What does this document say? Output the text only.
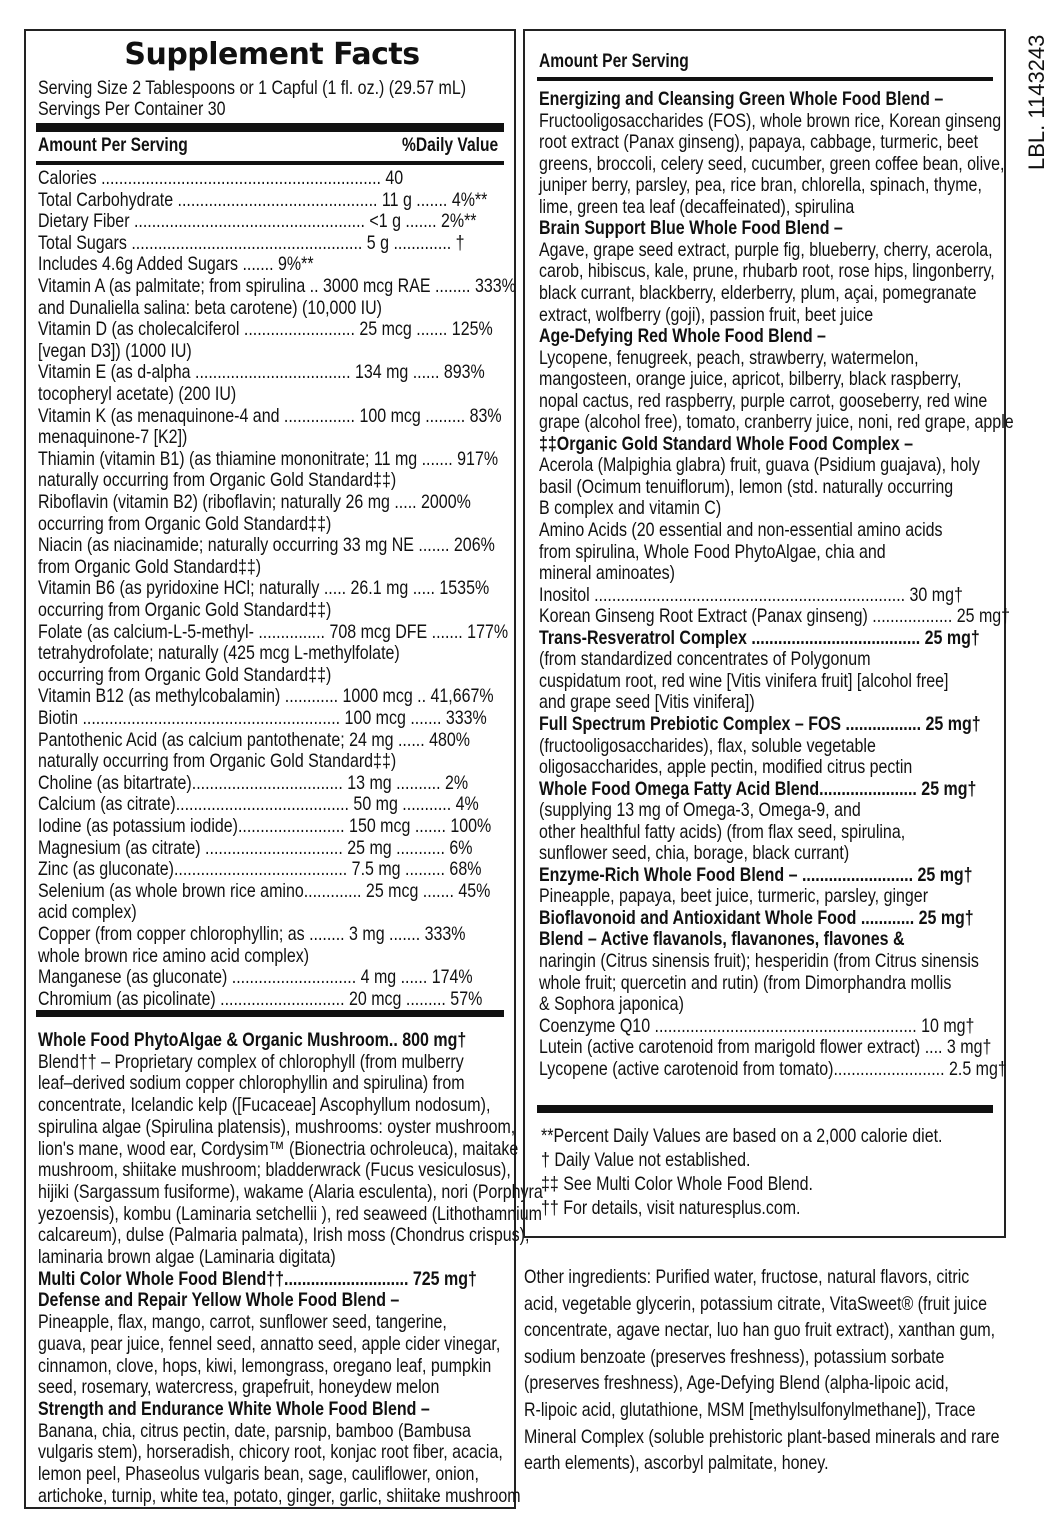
LBL. 1143243
Supplement Facts
Serving Size 2 Tablespoons or 1 Capful (1 fl. oz.) (29.57 mL)
Servings Per Container 30
Amount Per Serving	%Daily Value
Calories ............................................................... 40
Total Carbohydrate ............................................. 11 g ....... 4%**
Dietary Fiber .................................................... <1 g ....... 2%**
Total Sugars .................................................... 5 g ............. †
Includes 4.6g Added Sugars ....... 9%**
Vitamin A (as palmitate; from spirulina .. 3000 mcg RAE ........ 333%
and Dunaliella salina: beta carotene) (10,000 IU)
Vitamin D (as cholecalciferol ......................... 25 mcg ....... 125%
[vegan D3]) (1000 IU)
Vitamin E (as d-alpha ................................... 134 mg ...... 893%
tocopheryl acetate) (200 IU)
Vitamin K (as menaquinone-4 and ................ 100 mcg ......... 83%
menaquinone-7 [K2])
Thiamin (vitamin B1) (as thiamine mononitrate; 11 mg ....... 917%
naturally occurring from Organic Gold Standard‡‡)
Riboflavin (vitamin B2) (riboflavin; naturally 26 mg ..... 2000%
occurring from Organic Gold Standard‡‡)
Niacin (as niacinamide; naturally occurring 33 mg NE ....... 206%
from Organic Gold Standard‡‡)
Vitamin B6 (as pyridoxine HCl; naturally ..... 26.1 mg ..... 1535%
occurring from Organic Gold Standard‡‡)
Folate (as calcium-L-5-methyl- ............... 708 mcg DFE ....... 177%
tetrahydrofolate; naturally (425 mcg L-methylfolate)
occurring from Organic Gold Standard‡‡)
Vitamin B12 (as methylcobalamin) ............ 1000 mcg .. 41,667%
Biotin .......................................................... 100 mcg ....... 333%
Pantothenic Acid (as calcium pantothenate; 24 mg ...... 480%
naturally occurring from Organic Gold Standard‡‡)
Choline (as bitartrate).................................. 13 mg .......... 2%
Calcium (as citrate)....................................... 50 mg ........... 4%
Iodine (as potassium iodide)........................ 150 mcg ....... 100%
Magnesium (as citrate) ............................... 25 mg ........... 6%
Zinc (as gluconate)....................................... 7.5 mg ......... 68%
Selenium (as whole brown rice amino............. 25 mcg ....... 45%
acid complex)
Copper (from copper chlorophyllin; as ........ 3 mg ....... 333%
whole brown rice amino acid complex)
Manganese (as gluconate) ............................ 4 mg ...... 174%
Chromium (as picolinate) ............................ 20 mcg ......... 57%
Whole Food PhytoAlgae & Organic Mushroom.. 800 mg†
Blend†† – Proprietary complex of chlorophyll (from mulberry
leaf–derived sodium copper chlorophyllin and spirulina) from
concentrate, Icelandic kelp ([Fucaceae] Ascophyllum nodosum),
spirulina algae (Spirulina platensis), mushrooms: oyster mushroom,
lion's mane, wood ear, Cordysim™ (Bionectria ochroleuca), maitake
mushroom, shiitake mushroom; bladderwrack (Fucus vesiculosus),
hijiki (Sargassum fusiforme), wakame (Alaria esculenta), nori (Porphyra
yezoensis), kombu (Laminaria setchellii ), red seaweed (Lithothamnium
calcareum), dulse (Palmaria palmata), Irish moss (Chondrus crispus),
laminaria brown algae (Laminaria digitata)
Multi Color Whole Food Blend††............................ 725 mg†
Defense and Repair Yellow Whole Food Blend –
Pineapple, flax, mango, carrot, sunflower seed, tangerine,
guava, pear juice, fennel seed, annatto seed, apple cider vinegar,
cinnamon, clove, hops, kiwi, lemongrass, oregano leaf, pumpkin
seed, rosemary, watercress, grapefruit, honeydew melon
Strength and Endurance White Whole Food Blend –
Banana, chia, citrus pectin, date, parsnip, bamboo (Bambusa
vulgaris stem), horseradish, chicory root, konjac root fiber, acacia,
lemon peel, Phaseolus vulgaris bean, sage, cauliflower, onion,
artichoke, turnip, white tea, potato, ginger, garlic, shiitake mushroom
Amount Per Serving
Energizing and Cleansing Green Whole Food Blend –
Fructooligosaccharides (FOS), whole brown rice, Korean ginseng
root extract (Panax ginseng), papaya, cabbage, turmeric, beet
greens, broccoli, celery seed, cucumber, green coffee bean, olive,
juniper berry, parsley, pea, rice bran, chlorella, spinach, thyme,
lime, green tea leaf (decaffeinated), spirulina
Brain Support Blue Whole Food Blend –
Agave, grape seed extract, purple fig, blueberry, cherry, acerola,
carob, hibiscus, kale, prune, rhubarb root, rose hips, lingonberry,
black currant, blackberry, elderberry, plum, açai, pomegranate
extract, wolfberry (goji), passion fruit, beet juice
Age-Defying Red Whole Food Blend –
Lycopene, fenugreek, peach, strawberry, watermelon,
mangosteen, orange juice, apricot, bilberry, black raspberry,
nopal cactus, red raspberry, purple carrot, gooseberry, red wine
grape (alcohol free), tomato, cranberry juice, noni, red grape, apple
‡‡Organic Gold Standard Whole Food Complex –
Acerola (Malpighia glabra) fruit, guava (Psidium guajava), holy
basil (Ocimum tenuiflorum), lemon (std. naturally occurring
B complex and vitamin C)
Amino Acids (20 essential and non-essential amino acids
from spirulina, Whole Food PhytoAlgae, chia and
mineral aminoates)
Inositol ...................................................................... 30 mg†
Korean Ginseng Root Extract (Panax ginseng) .................. 25 mg†
Trans-Resveratrol Complex ...................................... 25 mg†
(from standardized concentrates of Polygonum
cuspidatum root, red wine [Vitis vinifera fruit] [alcohol free]
and grape seed [Vitis vinifera])
Full Spectrum Prebiotic Complex – FOS ................. 25 mg†
(fructooligosaccharides), flax, soluble vegetable
oligosaccharides, apple pectin, modified citrus pectin
Whole Food Omega Fatty Acid Blend...................... 25 mg†
(supplying 13 mg of Omega-3, Omega-9, and
other healthful fatty acids) (from flax seed, spirulina,
sunflower seed, chia, borage, black currant)
Enzyme-Rich Whole Food Blend – ......................... 25 mg†
Pineapple, papaya, beet juice, turmeric, parsley, ginger
Bioflavonoid and Antioxidant Whole Food ............ 25 mg†
Blend – Active flavanols, flavanones, flavones &
naringin (Citrus sinensis fruit); hesperidin (from Citrus sinensis
whole fruit; quercetin and rutin) (from Dimorphandra mollis
& Sophora japonica)
Coenzyme Q10 ........................................................... 10 mg†
Lutein (active carotenoid from marigold flower extract) .... 3 mg†
Lycopene (active carotenoid from tomato)......................... 2.5 mg†
**Percent Daily Values are based on a 2,000 calorie diet.
† Daily Value not established.
‡‡ See Multi Color Whole Food Blend.
†† For details, visit naturesplus.com.
Other ingredients: Purified water, fructose, natural flavors, citric
acid, vegetable glycerin, potassium citrate, VitaSweet® (fruit juice
concentrate, agave nectar, luo han guo fruit extract), xanthan gum,
sodium benzoate (preserves freshness), potassium sorbate
(preserves freshness), Age-Defying Blend (alpha-lipoic acid,
R-lipoic acid, glutathione, MSM [methylsulfonylmethane]), Trace
Mineral Complex (soluble prehistoric plant-based minerals and rare
earth elements), ascorbyl palmitate, honey.
